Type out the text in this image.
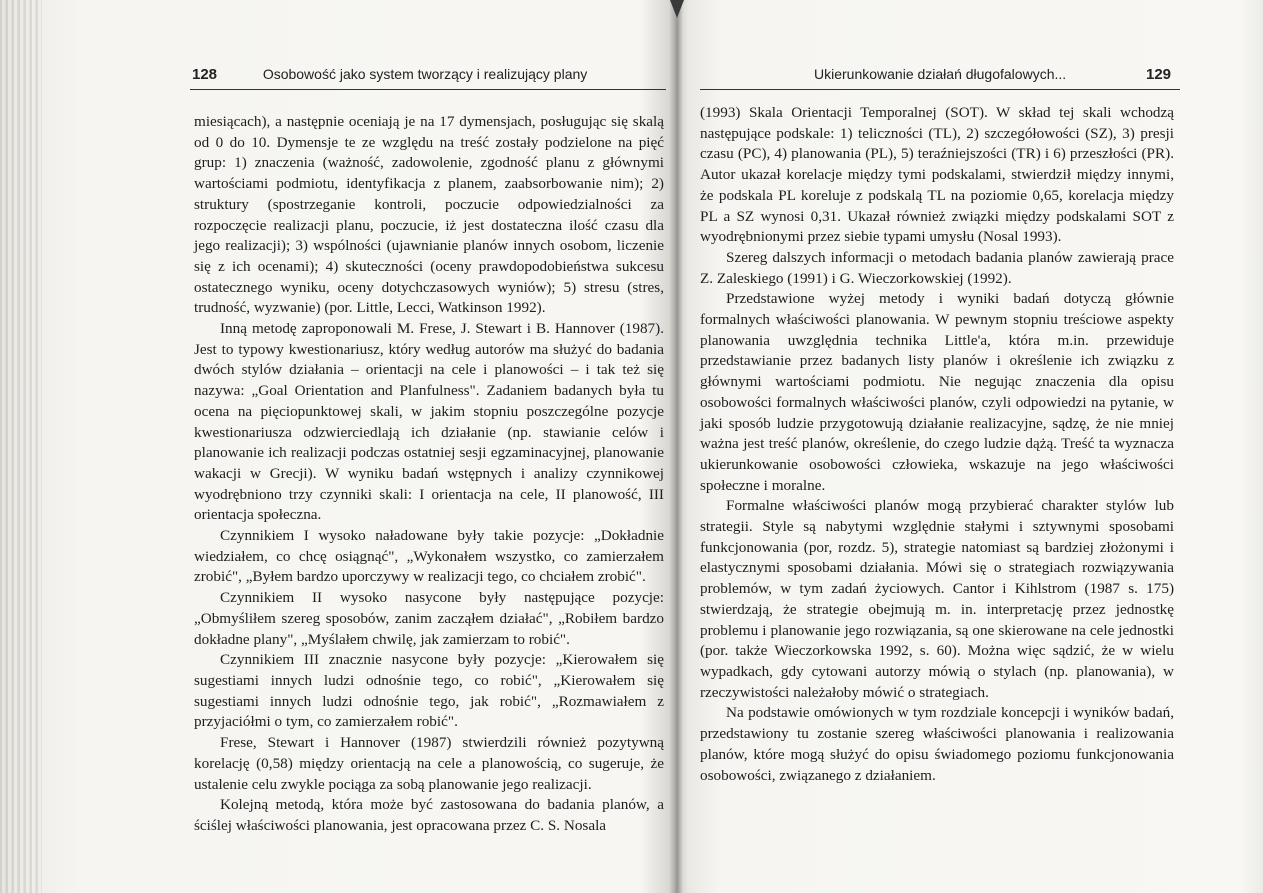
128	Osobowość jako system tworzący i realizujący plany

miesiącach), a następnie oceniają je na 17 dymensjach, posługując się skalą od 0 do 10. Dymensje te ze względu na treść zostały podzielone na pięć grup: 1) znaczenia (ważność, zadowolenie, zgodność planu z głównymi wartościami podmiotu, identyfikacja z planem, zaabsorbowanie nim); 2) struktury (spostrzeganie kontroli, poczucie odpowiedzialności za rozpoczęcie realizacji planu, poczucie, iż jest dostateczna ilość czasu dla jego realizacji); 3) wspólności (ujawnianie planów innych osobom, liczenie się z ich ocenami); 4) skuteczności (oceny prawdopodobieństwa sukcesu ostatecznego wyniku, oceny dotychczasowych wyniów); 5) stresu (stres, trudność, wyzwanie) (por. Little, Lecci, Watkinson 1992).

Inną metodę zaproponowali M. Frese, J. Stewart i B. Hannover (1987). Jest to typowy kwestionariusz, który według autorów ma służyć do badania dwóch stylów działania – orientacji na cele i planowości – i tak też się nazywa: „Goal Orientation and Planfulness". Zadaniem badanych była tu ocena na pięciopunktowej skali, w jakim stopniu poszczególne pozycje kwestionariusza odzwierciedlają ich działanie (np. stawianie celów i planowanie ich realizacji podczas ostatniej sesji egzaminacyjnej, planowanie wakacji w Grecji). W wyniku badań wstępnych i analizy czynnikowej wyodrębniono trzy czynniki skali: I orientacja na cele, II planowość, III orientacja społeczna.

Czynnikiem I wysoko naładowane były takie pozycje: „Dokładnie wiedziałem, co chcę osiągnąć", „Wykonałem wszystko, co zamierzałem zrobić", „Byłem bardzo uporczywy w realizacji tego, co chciałem zrobić".

Czynnikiem II wysoko nasycone były następujące pozycje: „Obmyśliłem szereg sposobów, zanim zacząłem działać", „Robiłem bardzo dokładne plany", „Myślałem chwilę, jak zamierzam to robić".

Czynnikiem III znacznie nasycone były pozycje: „Kierowałem się sugestiami innych ludzi odnośnie tego, co robić", „Kierowałem się sugestiami innych ludzi odnośnie tego, jak robić", „Rozmawiałem z przyjaciółmi o tym, co zamierzałem robić".

Frese, Stewart i Hannover (1987) stwierdzili również pozytywną korelację (0,58) między orientacją na cele a planowością, co sugeruje, że ustalenie celu zwykle pociąga za sobą planowanie jego realizacji.

Kolejną metodą, która może być zastosowana do badania planów, a ściślej właściwości planowania, jest opracowana przez C. S. Nosala

Ukierunkowanie działań długofalowych...	129

(1993) Skala Orientacji Temporalnej (SOT). W skład tej skali wchodzą następujące podskale: 1) teliczności (TL), 2) szczegółowości (SZ), 3) presji czasu (PC), 4) planowania (PL), 5) teraźniejszości (TR) i 6) przeszłości (PR). Autor ukazał korelacje między tymi podskalami, stwierdził między innymi, że podskala PL koreluje z podskalą TL na poziomie 0,65, korelacja między PL a SZ wynosi 0,31. Ukazał również związki między podskalami SOT z wyodrębnionymi przez siebie typami umysłu (Nosal 1993).

Szereg dalszych informacji o metodach badania planów zawierają prace Z. Zaleskiego (1991) i G. Wieczorkowskiej (1992).

Przedstawione wyżej metody i wyniki badań dotyczą głównie formalnych właściwości planowania. W pewnym stopniu treściowe aspekty planowania uwzględnia technika Little'a, która m.in. przewiduje przedstawianie przez badanych listy planów i określenie ich związku z głównymi wartościami podmiotu. Nie negując znaczenia dla opisu osobowości formalnych właściwości planów, czyli odpowiedzi na pytanie, w jaki sposób ludzie przygotowują działanie realizacyjne, sądzę, że nie mniej ważna jest treść planów, określenie, do czego ludzie dążą. Treść ta wyznacza ukierunkowanie osobowości człowieka, wskazuje na jego właściwości społeczne i moralne.

Formalne właściwości planów mogą przybierać charakter stylów lub strategii. Style są nabytymi względnie stałymi i sztywnymi sposobami funkcjonowania (por, rozdz. 5), strategie natomiast są bardziej złożonymi i elastycznymi sposobami działania. Mówi się o strategiach rozwiązywania problemów, w tym zadań życiowych. Cantor i Kihlstrom (1987 s. 175) stwierdzają, że strategie obejmują m. in. interpretację przez jednostkę problemu i planowanie jego rozwiązania, są one skierowane na cele jednostki (por. także Wieczorkowska 1992, s. 60). Można więc sądzić, że w wielu wypadkach, gdy cytowani autorzy mówią o stylach (np. planowania), w rzeczywistości należałoby mówić o strategiach.

Na podstawie omówionych w tym rozdziale koncepcji i wyników badań, przedstawiony tu zostanie szereg właściwości planowania i realizowania planów, które mogą służyć do opisu świadomego poziomu funkcjonowania osobowości, związanego z działaniem.
